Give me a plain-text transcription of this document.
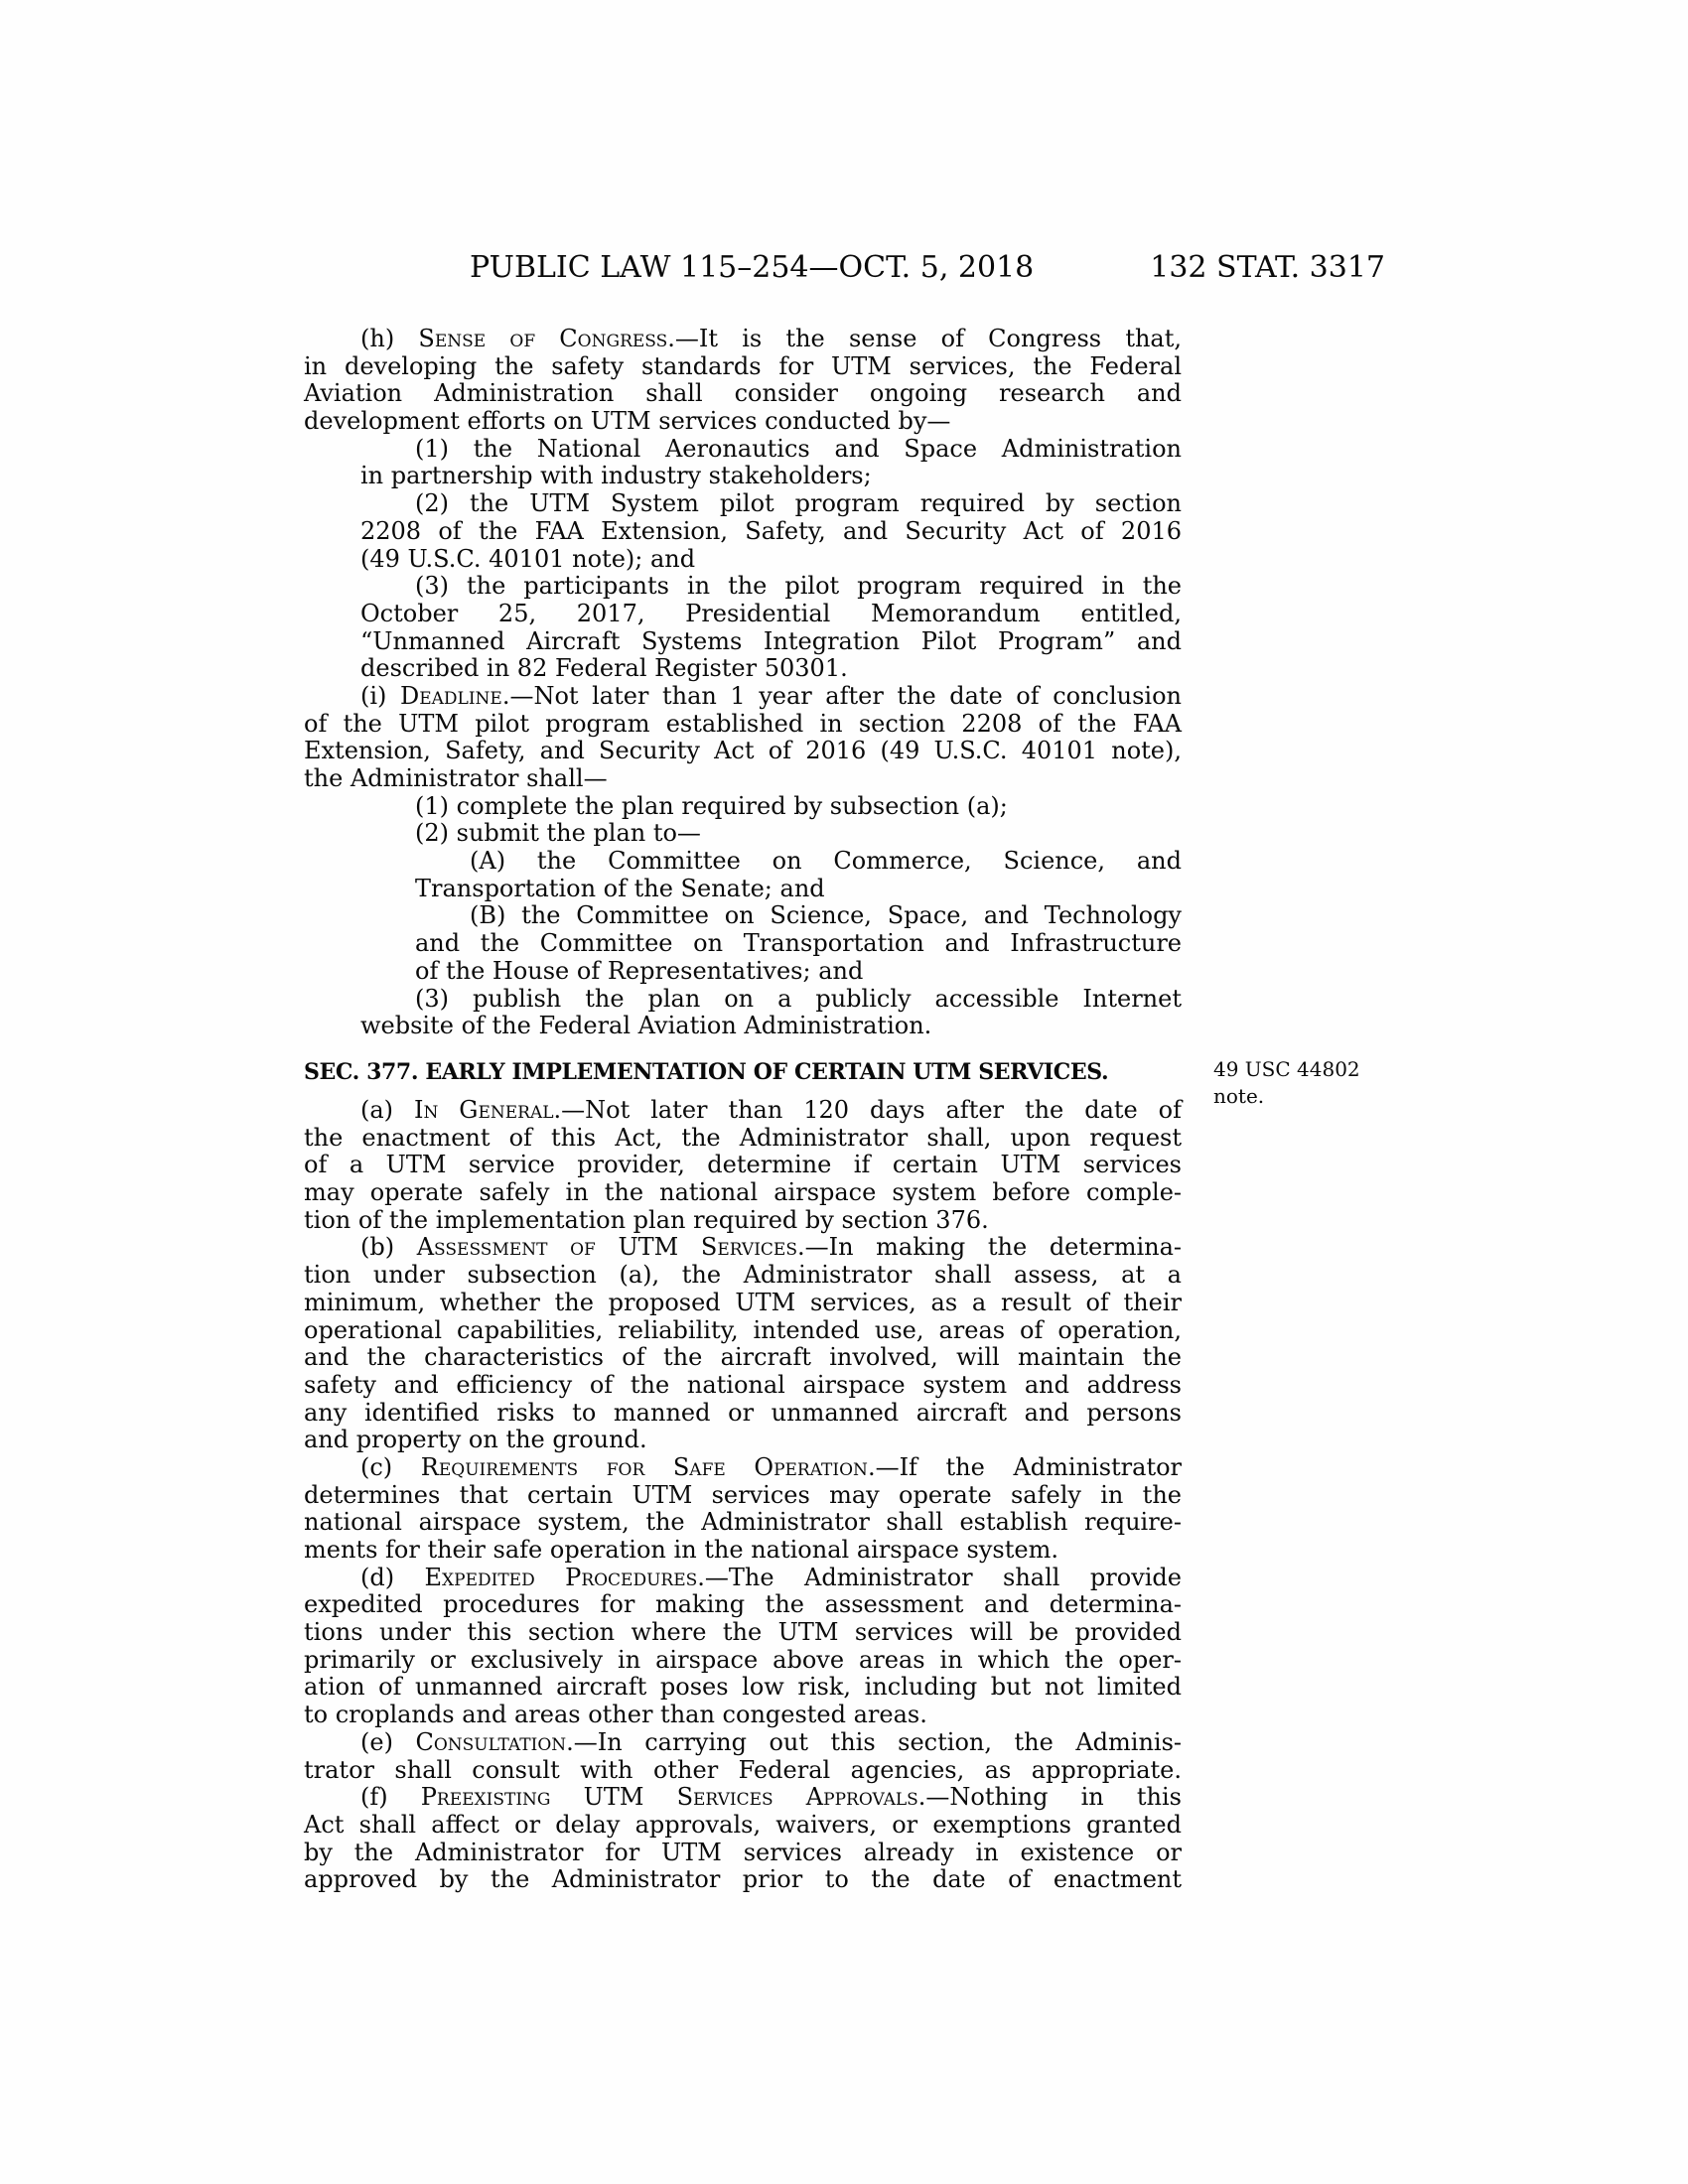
PUBLIC LAW 115–254—OCT. 5, 2018	132 STAT. 3317
(h) Sense of Congress.—It is the sense of Congress that,
in developing the safety standards for UTM services, the Federal
Aviation Administration shall consider ongoing research and
development efforts on UTM services conducted by—
(1) the National Aeronautics and Space Administration
in partnership with industry stakeholders;
(2) the UTM System pilot program required by section
2208 of the FAA Extension, Safety, and Security Act of 2016
(49 U.S.C. 40101 note); and
(3) the participants in the pilot program required in the
October 25, 2017, Presidential Memorandum entitled,
“Unmanned Aircraft Systems Integration Pilot Program” and
described in 82 Federal Register 50301.
(i) Deadline.—Not later than 1 year after the date of conclusion
of the UTM pilot program established in section 2208 of the FAA
Extension, Safety, and Security Act of 2016 (49 U.S.C. 40101 note),
the Administrator shall—
(1) complete the plan required by subsection (a);
(2) submit the plan to—
(A) the Committee on Commerce, Science, and
Transportation of the Senate; and
(B) the Committee on Science, Space, and Technology
and the Committee on Transportation and Infrastructure
of the House of Representatives; and
(3) publish the plan on a publicly accessible Internet
website of the Federal Aviation Administration.
SEC. 377. EARLY IMPLEMENTATION OF CERTAIN UTM SERVICES.	49 USC 44802
note.
(a) In General.—Not later than 120 days after the date of
the enactment of this Act, the Administrator shall, upon request
of a UTM service provider, determine if certain UTM services
may operate safely in the national airspace system before comple-
tion of the implementation plan required by section 376.
(b) Assessment of UTM Services.—In making the determina-
tion under subsection (a), the Administrator shall assess, at a
minimum, whether the proposed UTM services, as a result of their
operational capabilities, reliability, intended use, areas of operation,
and the characteristics of the aircraft involved, will maintain the
safety and efficiency of the national airspace system and address
any identified risks to manned or unmanned aircraft and persons
and property on the ground.
(c) Requirements for Safe Operation.—If the Administrator
determines that certain UTM services may operate safely in the
national airspace system, the Administrator shall establish require-
ments for their safe operation in the national airspace system.
(d) Expedited Procedures.—The Administrator shall provide
expedited procedures for making the assessment and determina-
tions under this section where the UTM services will be provided
primarily or exclusively in airspace above areas in which the oper-
ation of unmanned aircraft poses low risk, including but not limited
to croplands and areas other than congested areas.
(e) Consultation.—In carrying out this section, the Adminis-
trator shall consult with other Federal agencies, as appropriate.
(f) Preexisting UTM Services Approvals.—Nothing in this
Act shall affect or delay approvals, waivers, or exemptions granted
by the Administrator for UTM services already in existence or
approved by the Administrator prior to the date of enactment
